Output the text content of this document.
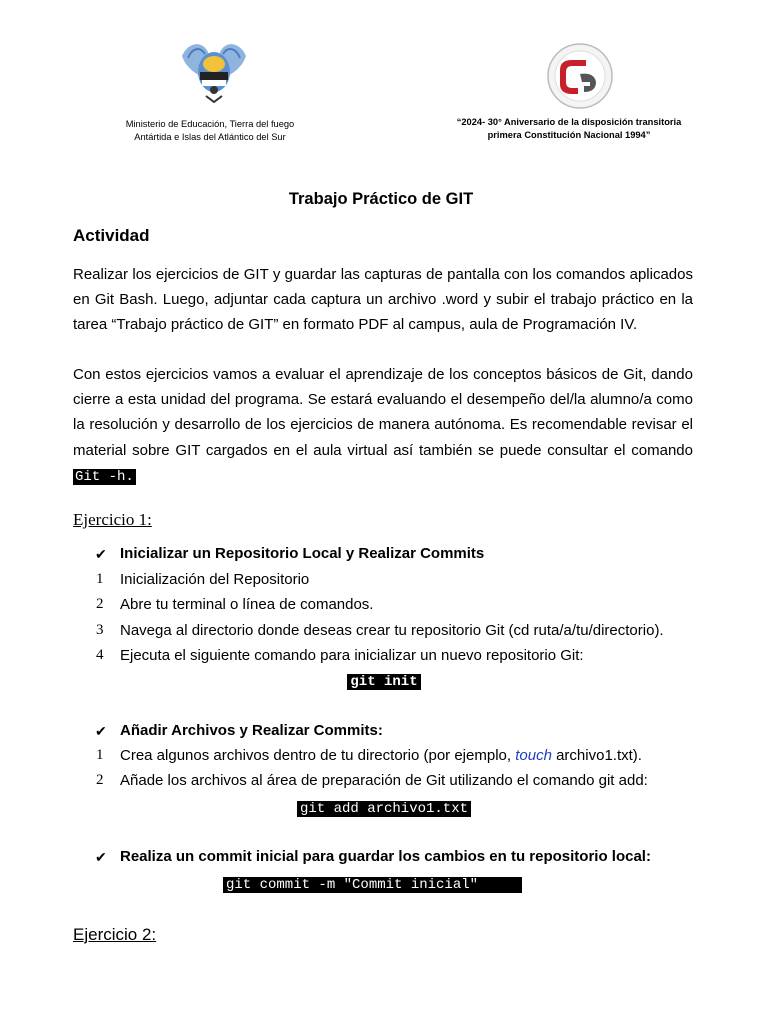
Ministerio de Educación, Tierra del fuego
Antártida e Islas del Atlántico del Sur
“2024- 30° Aniversario de la disposición transitoria
primera Constitución Nacional 1994”
Trabajo Práctico de GIT
Actividad
Realizar los ejercicios de GIT y guardar las capturas de pantalla con los comandos aplicados en Git Bash. Luego, adjuntar cada captura un archivo .word y subir el trabajo práctico en la tarea “Trabajo práctico de GIT” en formato PDF al campus, aula de Programación IV.
Con estos ejercicios vamos a evaluar el aprendizaje de los conceptos básicos de Git, dando cierre a esta unidad del programa. Se estará evaluando el desempeño del/la alumno/a como la resolución y desarrollo de los ejercicios de manera autónoma. Es recomendable revisar el material sobre GIT cargados en el aula virtual así también se puede consultar el comando Git -h.
Ejercicio 1:
✔ Inicializar un Repositorio Local y Realizar Commits
1 Inicialización del Repositorio
2 Abre tu terminal o línea de comandos.
3 Navega al directorio donde deseas crear tu repositorio Git (cd ruta/a/tu/directorio).
4 Ejecuta el siguiente comando para inicializar un nuevo repositorio Git:
git init
✔ Añadir Archivos y Realizar Commits:
1 Crea algunos archivos dentro de tu directorio (por ejemplo, touch archivo1.txt).
2 Añade los archivos al área de preparación de Git utilizando el comando git add:
git add archivo1.txt
✔ Realiza un commit inicial para guardar los cambios en tu repositorio local:
git commit -m "Commit inicial"
Ejercicio 2:
